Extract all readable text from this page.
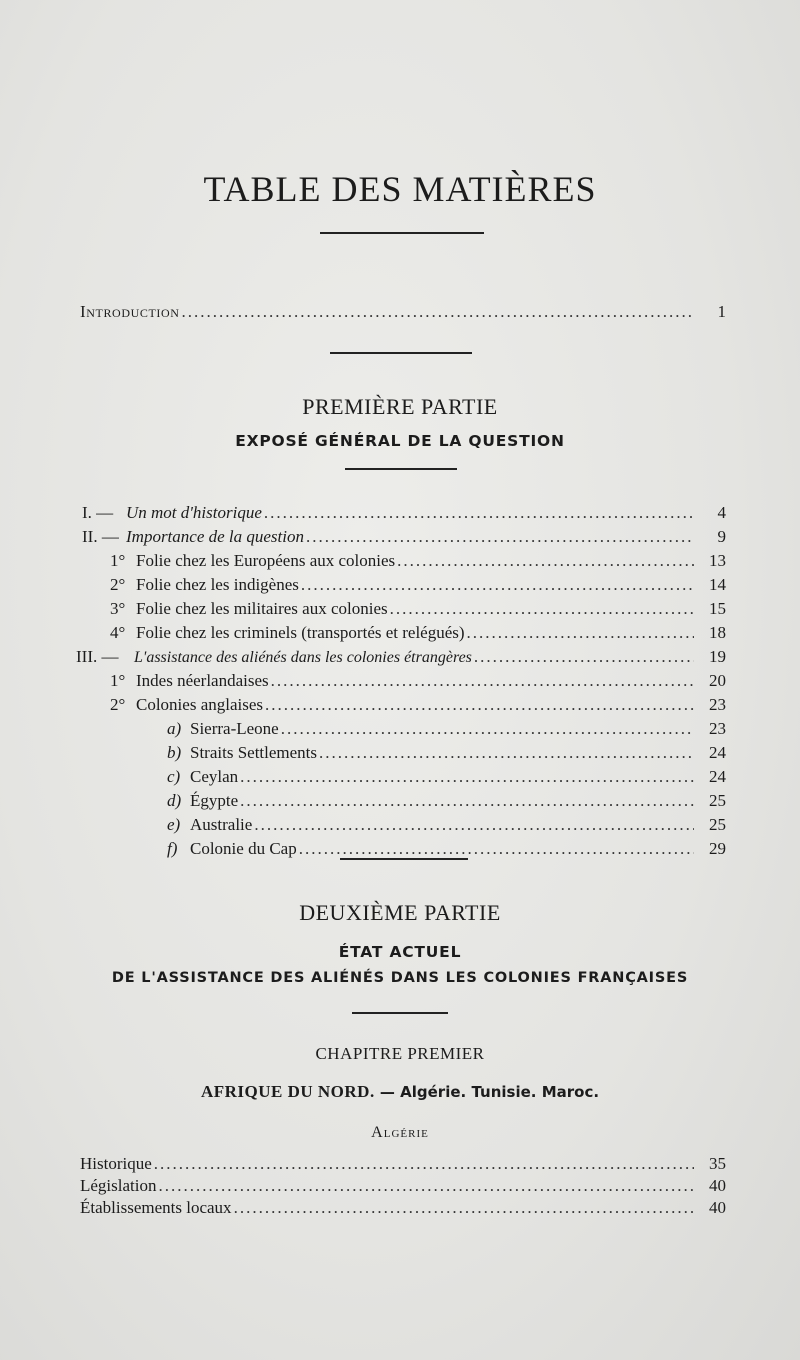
TABLE DES MATIÈRES
Introduction .....	1
PREMIÈRE PARTIE
EXPOSÉ GÉNÉRAL DE LA QUESTION
I. — Un mot d'historique .....	4
II. — Importance de la question .....	9
1° Folie chez les Européens aux colonies .....	13
2° Folie chez les indigènes .....	14
3° Folie chez les militaires aux colonies .....	15
4° Folie chez les criminels (transportés et relégués) .....	18
III. — L'assistance des aliénés dans les colonies étrangères .....	19
1° Indes néerlandaises .....	20
2° Colonies anglaises .....	23
a) Sierra-Leone .....	23
b) Straits Settlements .....	24
c) Ceylan .....	24
d) Égypte .....	25
e) Australie .....	25
f) Colonie du Cap .....	29
DEUXIÈME PARTIE
ÉTAT ACTUEL
DE L'ASSISTANCE DES ALIÉNÉS DANS LES COLONIES FRANÇAISES
CHAPITRE PREMIER
AFRIQUE DU NORD. — Algérie. Tunisie. Maroc.
Algérie
Historique .....	35
Législation .....	40
Établissements locaux .....	40
